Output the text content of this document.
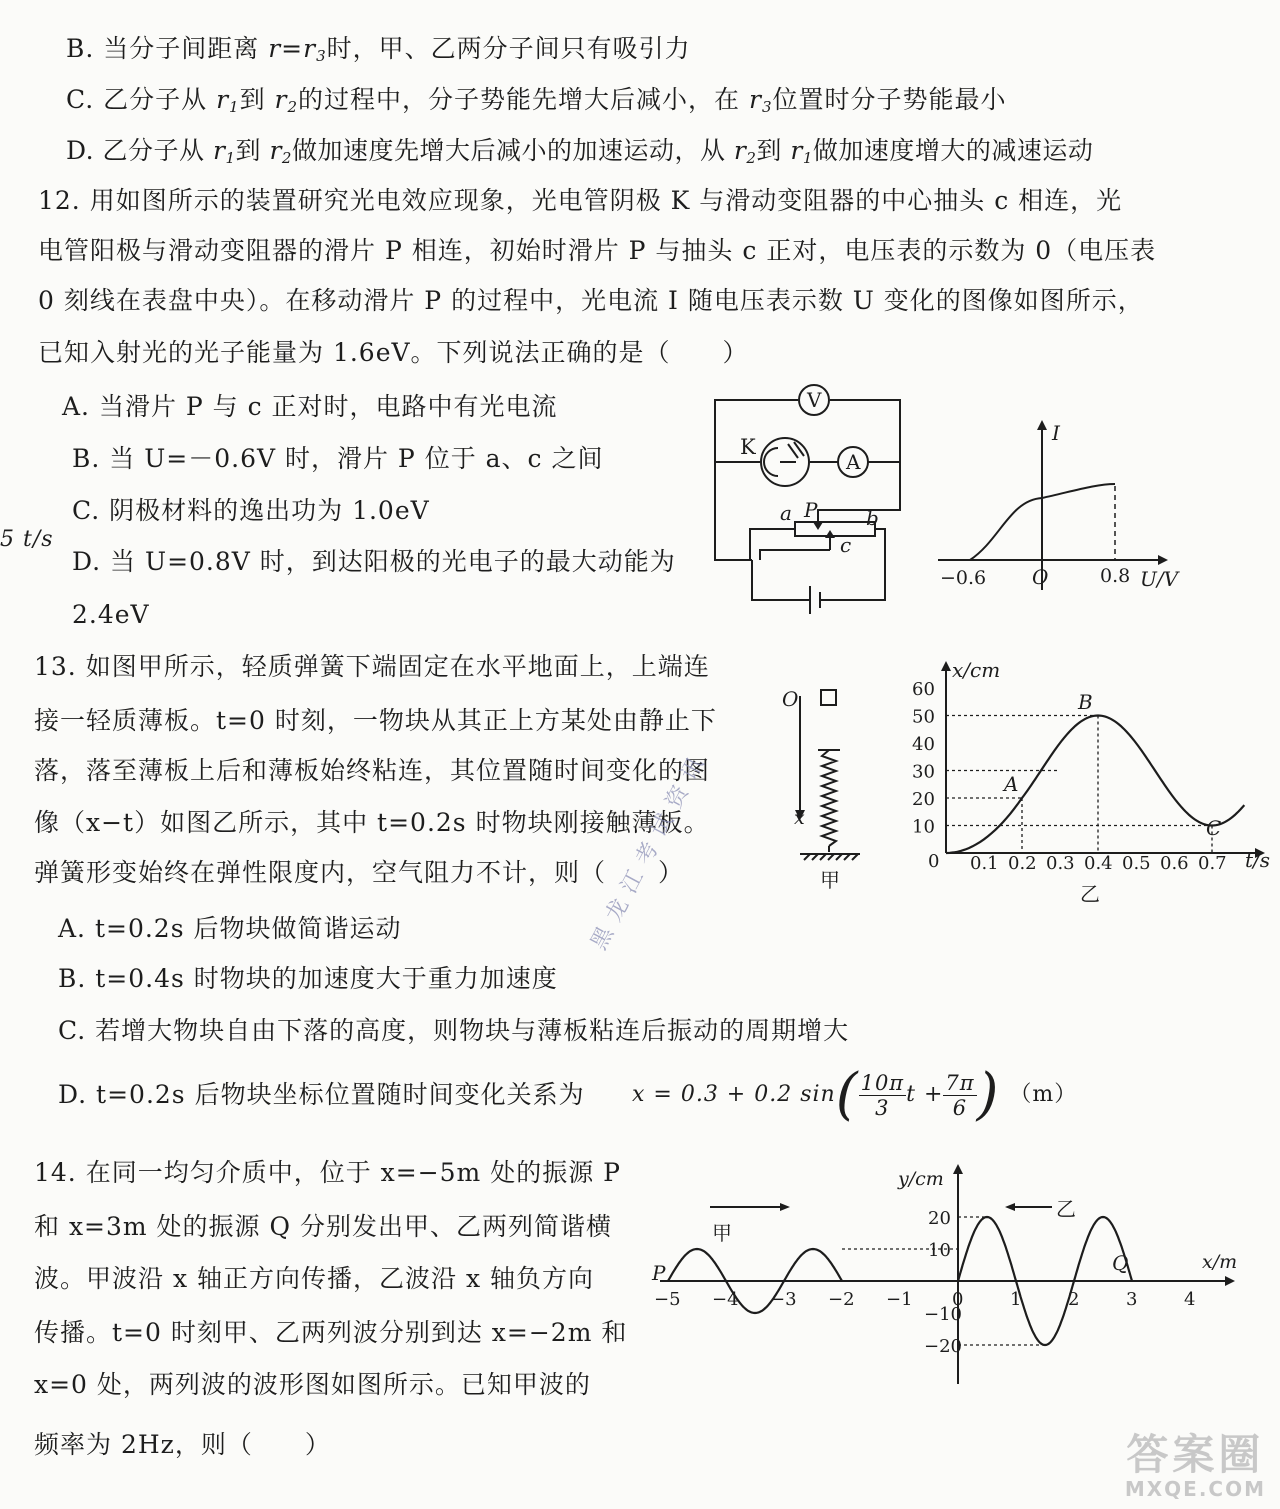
B. 当分子间距离 $r=r_3$时，甲、乙两分子间只有吸引力
C. 乙分子从 $r_1$到 $r_2$的过程中，分子势能先增大后减小，在 $r_3$位置时分子势能最小
D. 乙分子从 $r_1$到 $r_2$做加速度先增大后减小的加速运动，从 $r_2$到 $r_1$做加速度增大的减速运动
12. 用如图所示的装置研究光电效应现象，光电管阴极 K 与滑动变阻器的中心抽头 c 相连，光
电管阳极与滑动变阻器的滑片 P 相连，初始时滑片 P 与抽头 c 正对，电压表的示数为 0（电压表
0 刻线在表盘中央）。在移动滑片 P 的过程中，光电流 I 随电压表示数 U 变化的图像如图所示，
已知入射光的光子能量为 1.6eV。下列说法正确的是（　　）
A. 当滑片 P 与 c 正对时，电路中有光电流
B. 当 U=－0.6V 时，滑片 P 位于 a、c 之间
C. 阴极材料的逸出功为 1.0eV
D. 当 U=0.8V 时，到达阳极的光电子的最大动能为
2.4eV
5 t/s
V
A
K
a P b
c
I
U/V
O
−0.6	0.8
13. 如图甲所示，轻质弹簧下端固定在水平地面上，上端连
接一轻质薄板。t=0 时刻，一物块从其正上方某处由静止下
落，落至薄板上后和薄板始终粘连，其位置随时间变化的图
像（x−t）如图乙所示，其中 t=0.2s 时物块刚接触薄板。
弹簧形变始终在弹性限度内，空气阻力不计，则（　　）
A. t=0.2s 后物块做简谐运动
B. t=0.4s 时物块的加速度大于重力加速度
C. 若增大物块自由下落的高度，则物块与薄板粘连后振动的周期增大
D. t=0.2s 后物块坐标位置随时间变化关系为 x = 0.3 + 0.2 $\sin( \frac{10\pi}{3}$ $t + \frac{7\pi}{6}$ ) （m）
O
x
甲
60
50
40
30
20
10
0.1 0.2 0.3 0.4 0.5 0.6 0.7
x/cm
t/s
0
B
A
C
乙
14. 在同一均匀介质中，位于 x=−5m 处的振源 P
和 x=3m 处的振源 Q 分别发出甲、乙两列简谐横
波。甲波沿 x 轴正方向传播，乙波沿 x 轴负方向
传播。t=0 时刻甲、乙两列波分别到达 x=−2m 和
x=0 处，两列波的波形图如图所示。已知甲波的
频率为 2Hz，则（　　）
−5 −4 −3 −2 −1 0	1	2	3	4
20
10
−10
−20
y/cm
x/m
甲
乙
P	Q
黑龙江考试资讯
答案圈
MXQE.COM
